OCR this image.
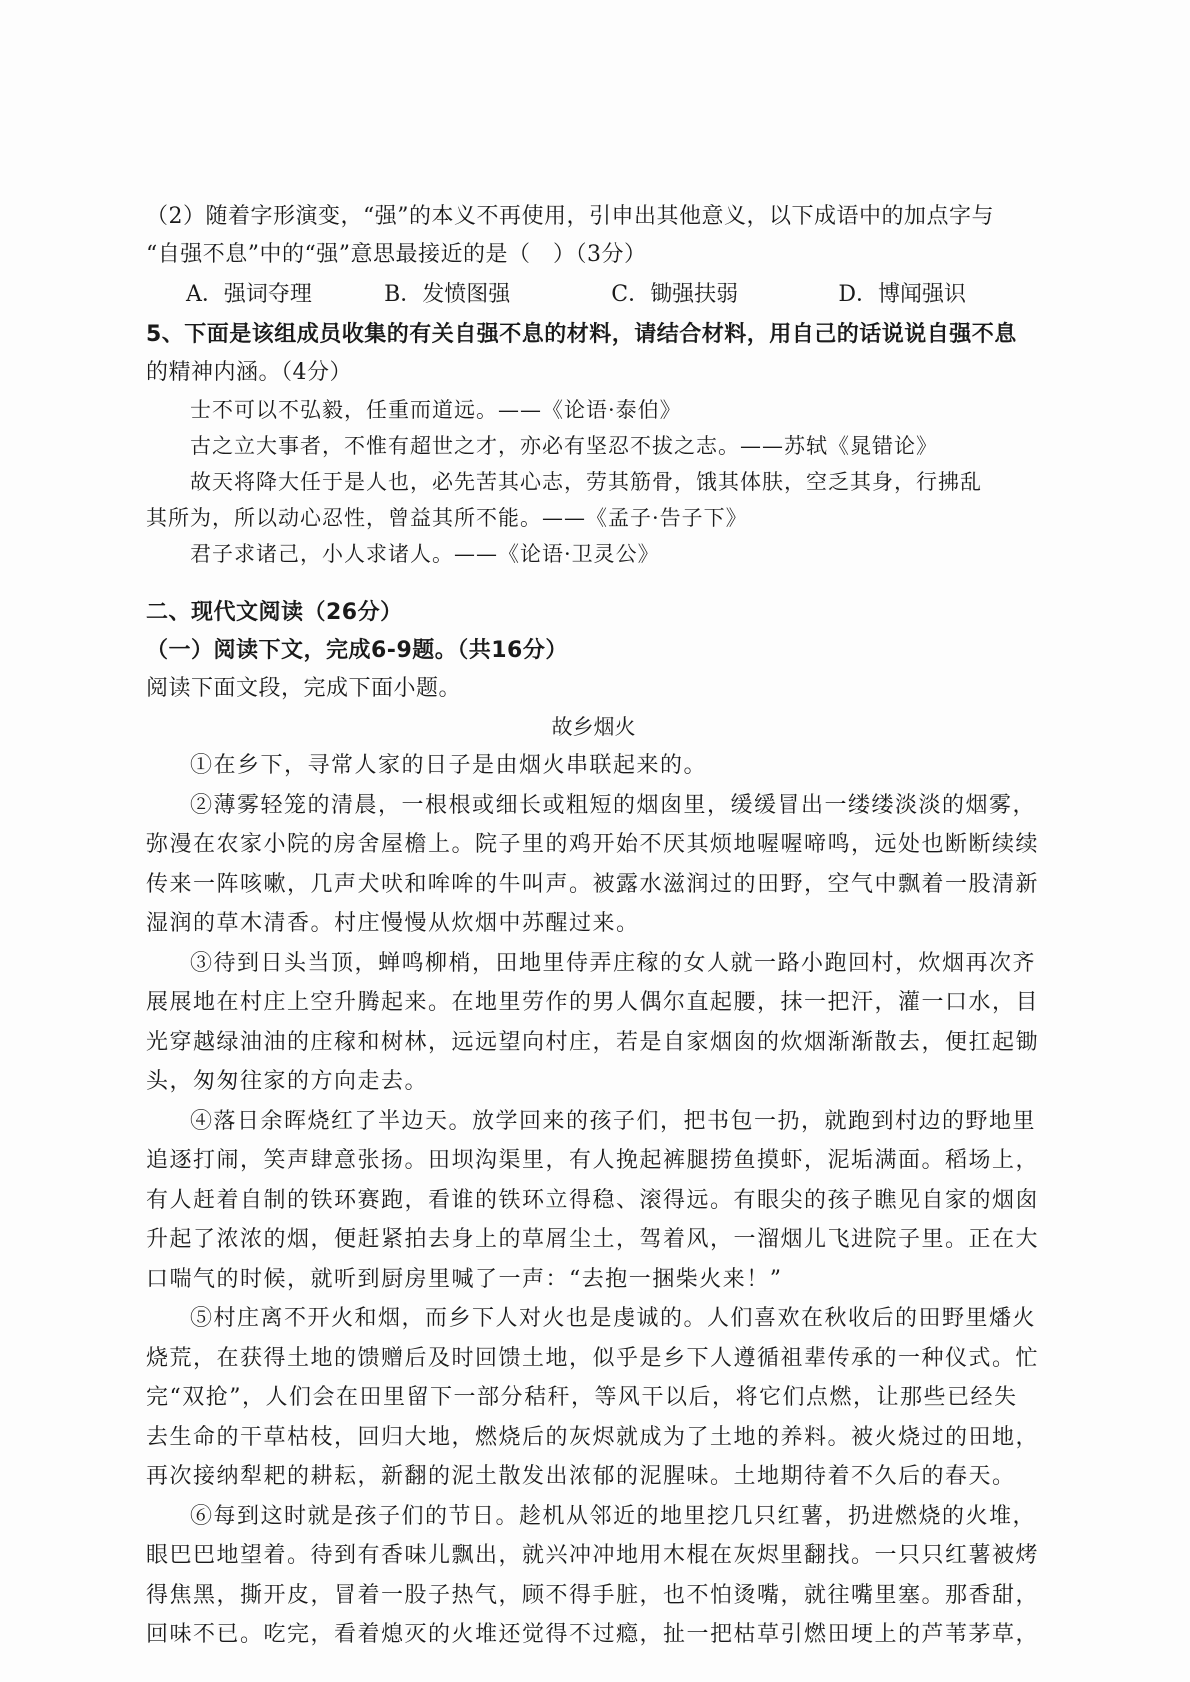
（2）随着字形演变，“强”的本义不再使用，引申出其他意义，以下成语中的加点字与
“自强不息”中的“强”意思最接近的是（　）（3分）
A．强词夺理	B．发愤图强	C．锄强扶弱	D．博闻强识
5、下面是该组成员收集的有关自强不息的材料，请结合材料，用自己的话说说自强不息
的精神内涵。（4分）
士不可以不弘毅，任重而道远。——《论语·泰伯》
古之立大事者，不惟有超世之才，亦必有坚忍不拔之志。——苏轼《晁错论》
故天将降大任于是人也，必先苦其心志，劳其筋骨，饿其体肤，空乏其身，行拂乱
其所为，所以动心忍性，曾益其所不能。——《孟子·告子下》
君子求诸己，小人求诸人。——《论语·卫灵公》
二、现代文阅读（26分）
（一）阅读下文，完成6-9题。（共16分）
阅读下面文段，完成下面小题。
故乡烟火
①在乡下，寻常人家的日子是由烟火串联起来的。
②薄雾轻笼的清晨，一根根或细长或粗短的烟囱里，缓缓冒出一缕缕淡淡的烟雾，
弥漫在农家小院的房舍屋檐上。院子里的鸡开始不厌其烦地喔喔啼鸣，远处也断断续续
传来一阵咳嗽，几声犬吠和哞哞的牛叫声。被露水滋润过的田野，空气中飘着一股清新
湿润的草木清香。村庄慢慢从炊烟中苏醒过来。
③待到日头当顶，蝉鸣柳梢，田地里侍弄庄稼的女人就一路小跑回村，炊烟再次齐
展展地在村庄上空升腾起来。在地里劳作的男人偶尔直起腰，抹一把汗，灌一口水，目
光穿越绿油油的庄稼和树林，远远望向村庄，若是自家烟囱的炊烟渐渐散去，便扛起锄
头，匆匆往家的方向走去。
④落日余晖烧红了半边天。放学回来的孩子们，把书包一扔，就跑到村边的野地里
追逐打闹，笑声肆意张扬。田坝沟渠里，有人挽起裤腿捞鱼摸虾，泥垢满面。稻场上，
有人赶着自制的铁环赛跑，看谁的铁环立得稳、滚得远。有眼尖的孩子瞧见自家的烟囱
升起了浓浓的烟，便赶紧拍去身上的草屑尘土，驾着风，一溜烟儿飞进院子里。正在大
口喘气的时候，就听到厨房里喊了一声：“去抱一捆柴火来！”
⑤村庄离不开火和烟，而乡下人对火也是虔诚的。人们喜欢在秋收后的田野里燔火
烧荒，在获得土地的馈赠后及时回馈土地，似乎是乡下人遵循祖辈传承的一种仪式。忙
完“双抢”，人们会在田里留下一部分秸秆，等风干以后，将它们点燃，让那些已经失
去生命的干草枯枝，回归大地，燃烧后的灰烬就成为了土地的养料。被火烧过的田地，
再次接纳犁耙的耕耘，新翻的泥土散发出浓郁的泥腥味。土地期待着不久后的春天。
⑥每到这时就是孩子们的节日。趁机从邻近的地里挖几只红薯，扔进燃烧的火堆，
眼巴巴地望着。待到有香味儿飘出，就兴冲冲地用木棍在灰烬里翻找。一只只红薯被烤
得焦黑，撕开皮，冒着一股子热气，顾不得手脏，也不怕烫嘴，就往嘴里塞。那香甜，
回味不已。吃完，看着熄灭的火堆还觉得不过瘾，扯一把枯草引燃田埂上的芦苇茅草，
